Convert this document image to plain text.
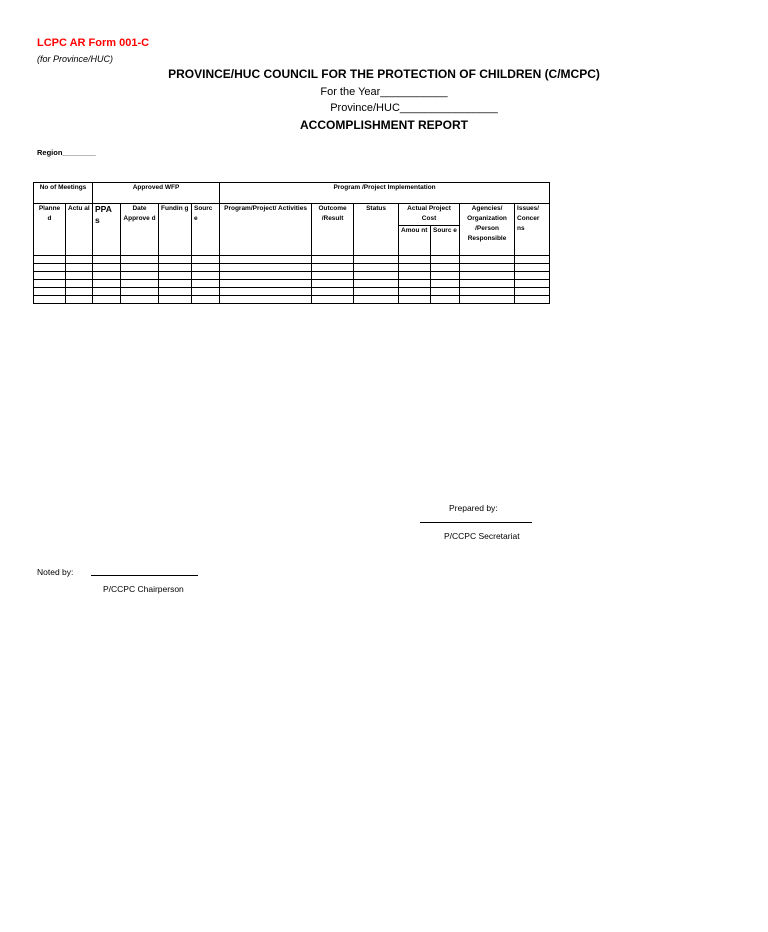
LCPC AR Form 001-C
(for Province/HUC)
PROVINCE/HUC COUNCIL FOR THE PROTECTION OF CHILDREN (C/MCPC)
For the Year___________
Province/HUC________________
ACCOMPLISHMENT REPORT
Region________
No of Meetings		Approved WFP				Program /Project Implementation						
Planne d	Actu al	PPA s	Date Approve d	Fundin g	Sourc e	Program/Project/ Activities	Outcome /Result	Status	Actual Project Cost		Agencies/ Organization /Person Responsible	Issues/ Concer ns
									Amou nt	Sourc e		

Prepared by:
P/CCPC Secretariat
Noted by:
P/CCPC Chairperson
